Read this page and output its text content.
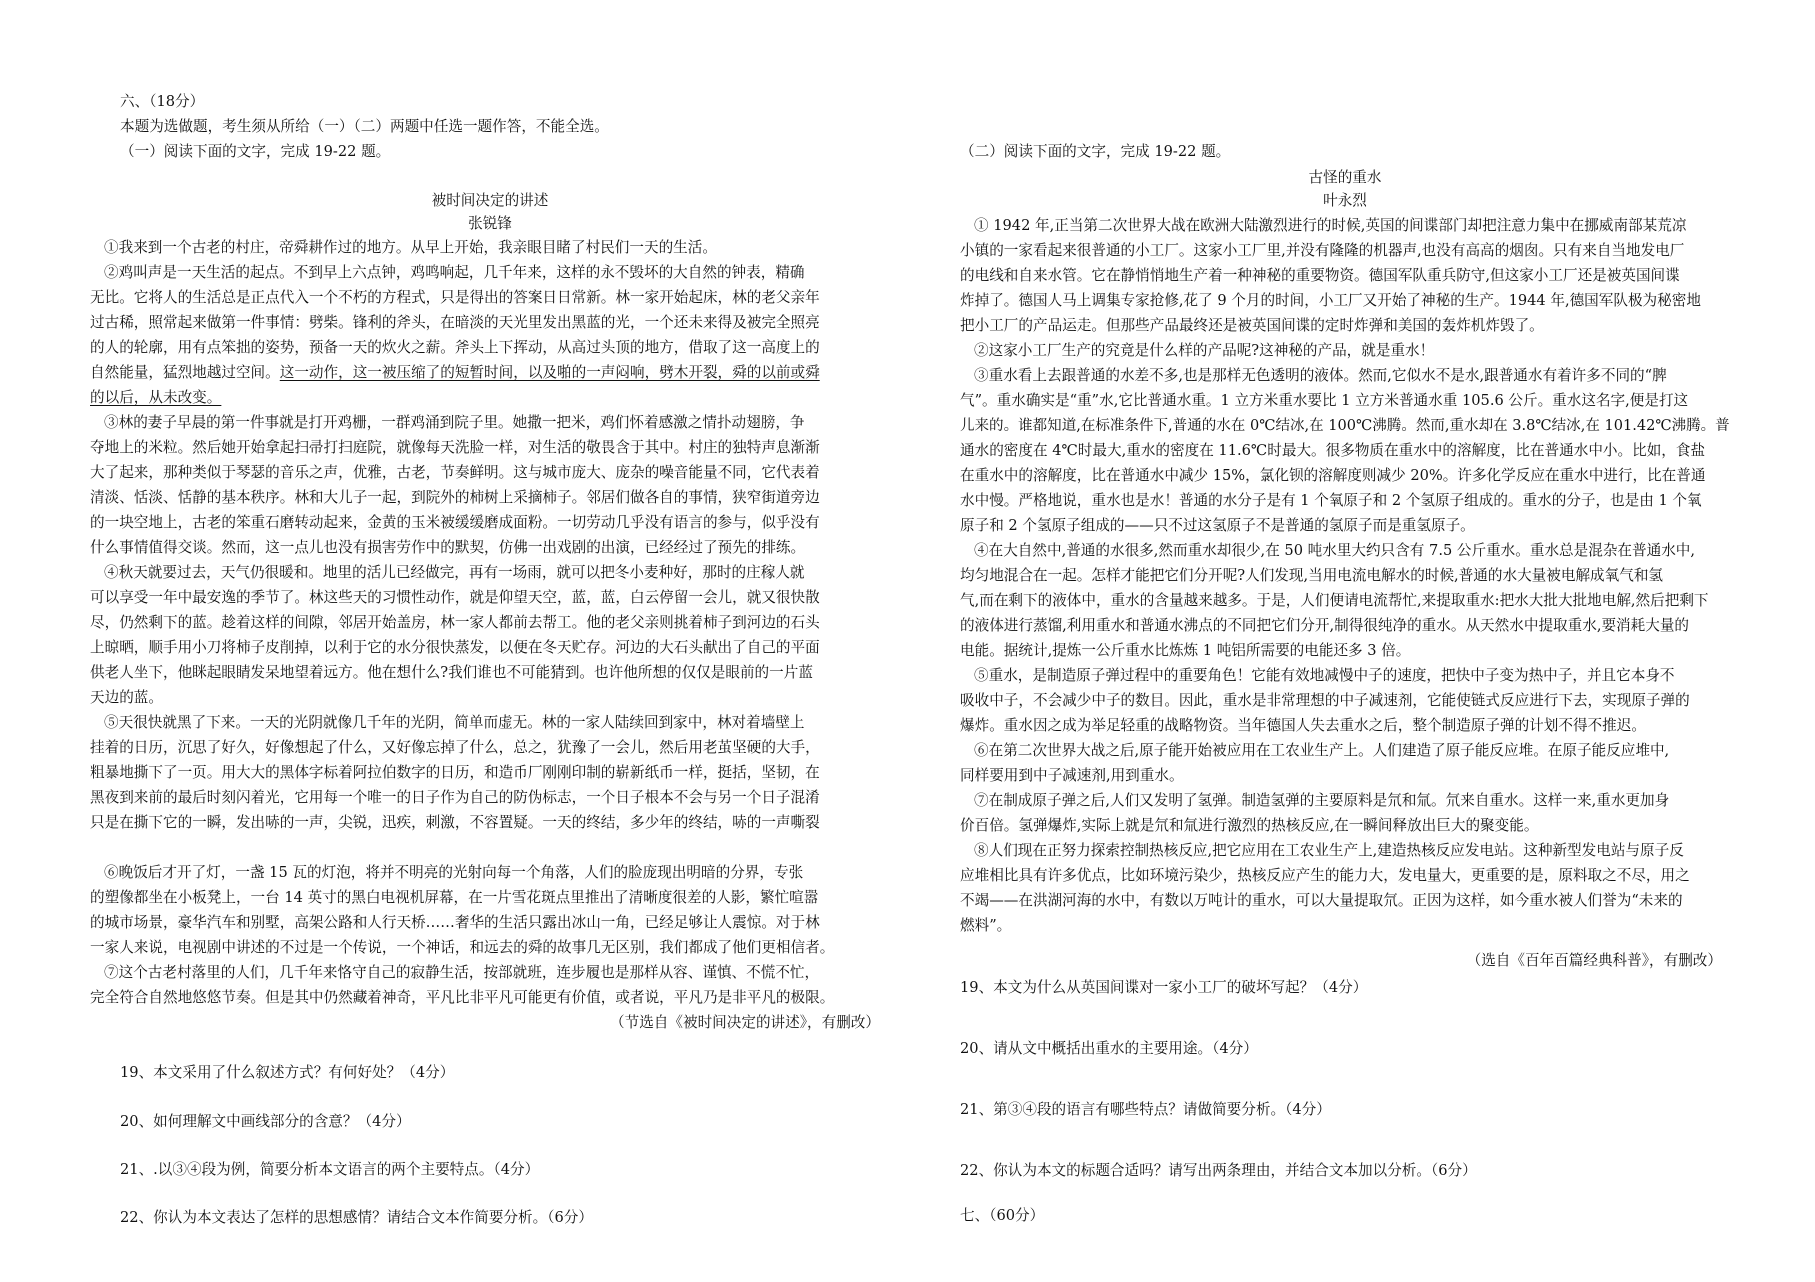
六、（18分）
本题为选做题，考生须从所给（一）（二）两题中任选一题作答，不能全选。
（一）阅读下面的文字，完成 19-22 题。
被时间决定的讲述
张锐锋
①我来到一个古老的村庄，帝舜耕作过的地方。从早上开始，我亲眼目睹了村民们一天的生活。
②鸡叫声是一天生活的起点。不到早上六点钟，鸡鸣响起，几千年来，这样的永不毁坏的大自然的钟表，精确
无比。它将人的生活总是正点代入一个不朽的方程式，只是得出的答案日日常新。林一家开始起床，林的老父亲年
过古稀，照常起来做第一件事情：劈柴。锋利的斧头，在暗淡的天光里发出黑蓝的光，一个还未来得及被完全照亮
的人的轮廓，用有点笨拙的姿势，预备一天的炊火之薪。斧头上下挥动，从高过头顶的地方，借取了这一高度上的
自然能量，猛烈地越过空间。这一动作，这一被压缩了的短暂时间，以及啪的一声闷响，劈木开裂，舜的以前或舜
的以后，从未改变。
③林的妻子早晨的第一件事就是打开鸡栅，一群鸡涌到院子里。她撒一把米，鸡们怀着感激之情扑动翅膀，争
夺地上的米粒。然后她开始拿起扫帚打扫庭院，就像每天洗脸一样，对生活的敬畏含于其中。村庄的独特声息渐渐
大了起来，那种类似于琴瑟的音乐之声，优雅，古老，节奏鲜明。这与城市庞大、庞杂的噪音能量不同，它代表着
清淡、恬淡、恬静的基本秩序。林和大儿子一起，到院外的柿树上采摘柿子。邻居们做各自的事情，狭窄街道旁边
的一块空地上，古老的笨重石磨转动起来，金黄的玉米被缓缓磨成面粉。一切劳动几乎没有语言的参与，似乎没有
什么事情值得交谈。然而，这一点儿也没有损害劳作中的默契，仿佛一出戏剧的出演，已经经过了预先的排练。
④秋天就要过去，天气仍很暖和。地里的活儿已经做完，再有一场雨，就可以把冬小麦种好，那时的庄稼人就
可以享受一年中最安逸的季节了。林这些天的习惯性动作，就是仰望天空，蓝，蓝，白云停留一会儿，就又很快散
尽，仍然剩下的蓝。趁着这样的间隙，邻居开始盖房，林一家人都前去帮工。他的老父亲则挑着柿子到河边的石头
上晾晒，顺手用小刀将柿子皮削掉，以利于它的水分很快蒸发，以便在冬天贮存。河边的大石头献出了自己的平面
供老人坐下，他眯起眼睛发呆地望着远方。他在想什么?我们谁也不可能猜到。也许他所想的仅仅是眼前的一片蓝
天边的蓝。
⑤天很快就黑了下来。一天的光阴就像几千年的光阴，简单而虚无。林的一家人陆续回到家中，林对着墙壁上
挂着的日历，沉思了好久，好像想起了什么，又好像忘掉了什么，总之，犹豫了一会儿，然后用老茧坚硬的大手，
粗暴地撕下了一页。用大大的黑体字标着阿拉伯数字的日历，和造币厂刚刚印制的崭新纸币一样，挺括，坚韧，在
黑夜到来前的最后时刻闪着光，它用每一个唯一的日子作为自己的防伪标志，一个日子根本不会与另一个日子混淆
只是在撕下它的一瞬，发出哧的一声，尖锐，迅疾，刺激，不容置疑。一天的终结，多少年的终结，哧的一声嘶裂
⑥晚饭后才开了灯，一盏 15 瓦的灯泡，将并不明亮的光射向每一个角落，人们的脸庞现出明暗的分界，专张
的塑像都坐在小板凳上，一台 14 英寸的黑白电视机屏幕，在一片雪花斑点里推出了清晰度很差的人影，繁忙喧嚣
的城市场景，豪华汽车和别墅，高架公路和人行天桥……奢华的生活只露出冰山一角，已经足够让人震惊。对于林
一家人来说，电视剧中讲述的不过是一个传说，一个神话，和远去的舜的故事几无区别，我们都成了他们更相信者。
⑦这个古老村落里的人们，几千年来恪守自己的寂静生活，按部就班，连步履也是那样从容、谨慎、不慌不忙，
完全符合自然地悠悠节奏。但是其中仍然藏着神奇，平凡比非平凡可能更有价值，或者说，平凡乃是非平凡的极限。
（节选自《被时间决定的讲述》，有删改）
19、本文采用了什么叙述方式？有何好处？（4分）
20、如何理解文中画线部分的含意？（4分）
21、.以③④段为例，简要分析本文语言的两个主要特点。（4分）
22、你认为本文表达了怎样的思想感情？请结合文本作简要分析。（6分）
（二）阅读下面的文字，完成 19-22 题。
古怪的重水
叶永烈
① 1942 年,正当第二次世界大战在欧洲大陆激烈进行的时候,英国的间谍部门却把注意力集中在挪威南部某荒凉
小镇的一家看起来很普通的小工厂。这家小工厂里,并没有隆隆的机器声,也没有高高的烟囱。只有来自当地发电厂
的电线和自来水管。它在静悄悄地生产着一种神秘的重要物资。德国军队重兵防守,但这家小工厂还是被英国间谍
炸掉了。德国人马上调集专家抢修,花了 9 个月的时间，小工厂又开始了神秘的生产。1944 年,德国军队极为秘密地
把小工厂的产品运走。但那些产品最终还是被英国间谍的定时炸弹和美国的轰炸机炸毁了。
②这家小工厂生产的究竟是什么样的产品呢?这神秘的产品，就是重水！
③重水看上去跟普通的水差不多,也是那样无色透明的液体。然而,它似水不是水,跟普通水有着许多不同的“脾
气”。重水确实是“重”水,它比普通水重。1 立方米重水要比 1 立方米普通水重 105.6 公斤。重水这名字,便是打这
儿来的。谁都知道,在标准条件下,普通的水在 0℃结冰,在 100℃沸腾。然而,重水却在 3.8℃结冰,在 101.42℃沸腾。普
通水的密度在 4℃时最大,重水的密度在 11.6℃时最大。很多物质在重水中的溶解度，比在普通水中小。比如，食盐
在重水中的溶解度，比在普通水中减少 15%，氯化钡的溶解度则减少 20%。许多化学反应在重水中进行，比在普通
水中慢。严格地说，重水也是水！普通的水分子是有 1 个氧原子和 2 个氢原子组成的。重水的分子，也是由 1 个氧
原子和 2 个氢原子组成的——只不过这氢原子不是普通的氢原子而是重氢原子。
④在大自然中,普通的水很多,然而重水却很少,在 50 吨水里大约只含有 7.5 公斤重水。重水总是混杂在普通水中,
均匀地混合在一起。怎样才能把它们分开呢?人们发现,当用电流电解水的时候,普通的水大量被电解成氧气和氢
气,而在剩下的液体中，重水的含量越来越多。于是，人们便请电流帮忙,来提取重水:把水大批大批地电解,然后把剩下
的液体进行蒸馏,利用重水和普通水沸点的不同把它们分开,制得很纯净的重水。从天然水中提取重水,要消耗大量的
电能。据统计,提炼一公斤重水比炼炼 1 吨铝所需要的电能还多 3 倍。
⑤重水，是制造原子弹过程中的重要角色！它能有效地减慢中子的速度，把快中子变为热中子，并且它本身不
吸收中子，不会减少中子的数目。因此，重水是非常理想的中子减速剂，它能使链式反应进行下去，实现原子弹的
爆炸。重水因之成为举足轻重的战略物资。当年德国人失去重水之后，整个制造原子弹的计划不得不推迟。
⑥在第二次世界大战之后,原子能开始被应用在工农业生产上。人们建造了原子能反应堆。在原子能反应堆中,
同样要用到中子减速剂,用到重水。
⑦在制成原子弹之后,人们又发明了氢弹。制造氢弹的主要原料是氘和氚。氘来自重水。这样一来,重水更加身
价百倍。氢弹爆炸,实际上就是氘和氚进行激烈的热核反应,在一瞬间释放出巨大的聚变能。
⑧人们现在正努力探索控制热核反应,把它应用在工农业生产上,建造热核反应发电站。这种新型发电站与原子反
应堆相比具有许多优点，比如环境污染少，热核反应产生的能力大，发电量大，更重要的是，原料取之不尽，用之
不竭——在洪湖河海的水中，有数以万吨计的重水，可以大量提取氘。正因为这样，如今重水被人们誉为“未来的
燃料”。
（选自《百年百篇经典科普》，有删改）
19、本文为什么从英国间谍对一家小工厂的破坏写起？（4分）
20、请从文中概括出重水的主要用途。（4分）
21、第③④段的语言有哪些特点？请做简要分析。（4分）
22、你认为本文的标题合适吗？请写出两条理由，并结合文本加以分析。（6分）
七、（60分）
